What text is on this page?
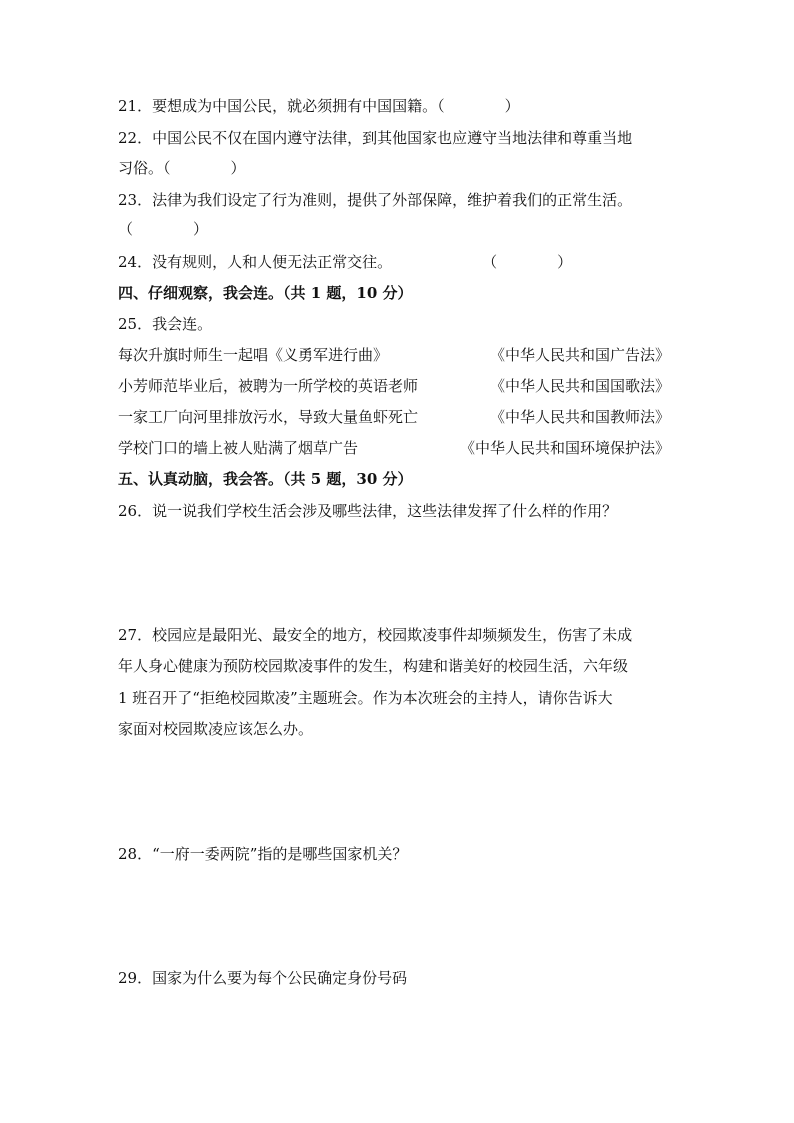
21．要想成为中国公民，就必须拥有中国国籍。（　　　　）
22．中国公民不仅在国内遵守法律，到其他国家也应遵守当地法律和尊重当地
习俗。（　　　　）
23．法律为我们设定了行为准则，提供了外部保障，维护着我们的正常生活。
（　　　　）
24．没有规则，人和人便无法正常交往。　　　　　　　（　　　　）
四、仔细观察，我会连。（共 1 题，10 分）
25．我会连。
每次升旗时师生一起唱《义勇军进行曲》	《中华人民共和国广告法》
小芳师范毕业后，被聘为一所学校的英语老师	《中华人民共和国国歌法》
一家工厂向河里排放污水，导致大量鱼虾死亡	《中华人民共和国教师法》
学校门口的墙上被人贴满了烟草广告	《中华人民共和国环境保护法》
五、认真动脑，我会答。（共 5 题，30 分）
26．说一说我们学校生活会涉及哪些法律，这些法律发挥了什么样的作用？
27．校园应是最阳光、最安全的地方，校园欺凌事件却频频发生，伤害了未成
年人身心健康为预防校园欺凌事件的发生，构建和谐美好的校园生活，六年级
1 班召开了“拒绝校园欺凌”主题班会。作为本次班会的主持人，请你告诉大
家面对校园欺凌应该怎么办。
28．“一府一委两院”指的是哪些国家机关？
29．国家为什么要为每个公民确定身份号码
